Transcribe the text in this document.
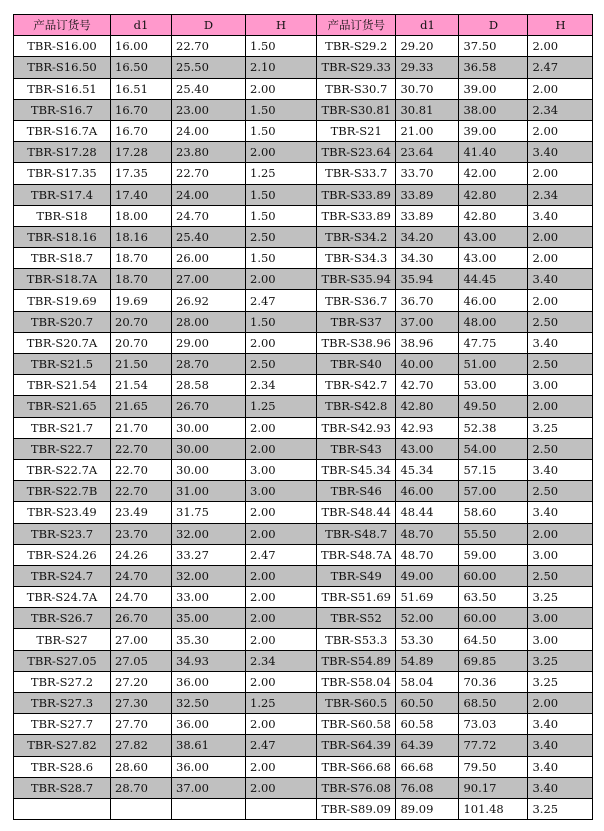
产品订货号	d1	D	H	产品订货号	d1	D	H
TBR-S16.00	16.00	22.70	1.50	TBR-S29.2	29.20	37.50	2.00
TBR-S16.50	16.50	25.50	2.10	TBR-S29.33	29.33	36.58	2.47
TBR-S16.51	16.51	25.40	2.00	TBR-S30.7	30.70	39.00	2.00
TBR-S16.7	16.70	23.00	1.50	TBR-S30.81	30.81	38.00	2.34
TBR-S16.7A	16.70	24.00	1.50	TBR-S21	21.00	39.00	2.00
TBR-S17.28	17.28	23.80	2.00	TBR-S23.64	23.64	41.40	3.40
TBR-S17.35	17.35	22.70	1.25	TBR-S33.7	33.70	42.00	2.00
TBR-S17.4	17.40	24.00	1.50	TBR-S33.89	33.89	42.80	2.34
TBR-S18	18.00	24.70	1.50	TBR-S33.89	33.89	42.80	3.40
TBR-S18.16	18.16	25.40	2.50	TBR-S34.2	34.20	43.00	2.00
TBR-S18.7	18.70	26.00	1.50	TBR-S34.3	34.30	43.00	2.00
TBR-S18.7A	18.70	27.00	2.00	TBR-S35.94	35.94	44.45	3.40
TBR-S19.69	19.69	26.92	2.47	TBR-S36.7	36.70	46.00	2.00
TBR-S20.7	20.70	28.00	1.50	TBR-S37	37.00	48.00	2.50
TBR-S20.7A	20.70	29.00	2.00	TBR-S38.96	38.96	47.75	3.40
TBR-S21.5	21.50	28.70	2.50	TBR-S40	40.00	51.00	2.50
TBR-S21.54	21.54	28.58	2.34	TBR-S42.7	42.70	53.00	3.00
TBR-S21.65	21.65	26.70	1.25	TBR-S42.8	42.80	49.50	2.00
TBR-S21.7	21.70	30.00	2.00	TBR-S42.93	42.93	52.38	3.25
TBR-S22.7	22.70	30.00	2.00	TBR-S43	43.00	54.00	2.50
TBR-S22.7A	22.70	30.00	3.00	TBR-S45.34	45.34	57.15	3.40
TBR-S22.7B	22.70	31.00	3.00	TBR-S46	46.00	57.00	2.50
TBR-S23.49	23.49	31.75	2.00	TBR-S48.44	48.44	58.60	3.40
TBR-S23.7	23.70	32.00	2.00	TBR-S48.7	48.70	55.50	2.00
TBR-S24.26	24.26	33.27	2.47	TBR-S48.7A	48.70	59.00	3.00
TBR-S24.7	24.70	32.00	2.00	TBR-S49	49.00	60.00	2.50
TBR-S24.7A	24.70	33.00	2.00	TBR-S51.69	51.69	63.50	3.25
TBR-S26.7	26.70	35.00	2.00	TBR-S52	52.00	60.00	3.00
TBR-S27	27.00	35.30	2.00	TBR-S53.3	53.30	64.50	3.00
TBR-S27.05	27.05	34.93	2.34	TBR-S54.89	54.89	69.85	3.25
TBR-S27.2	27.20	36.00	2.00	TBR-S58.04	58.04	70.36	3.25
TBR-S27.3	27.30	32.50	1.25	TBR-S60.5	60.50	68.50	2.00
TBR-S27.7	27.70	36.00	2.00	TBR-S60.58	60.58	73.03	3.40
TBR-S27.82	27.82	38.61	2.47	TBR-S64.39	64.39	77.72	3.40
TBR-S28.6	28.60	36.00	2.00	TBR-S66.68	66.68	79.50	3.40
TBR-S28.7	28.70	37.00	2.00	TBR-S76.08	76.08	90.17	3.40
				TBR-S89.09	89.09	101.48	3.25
